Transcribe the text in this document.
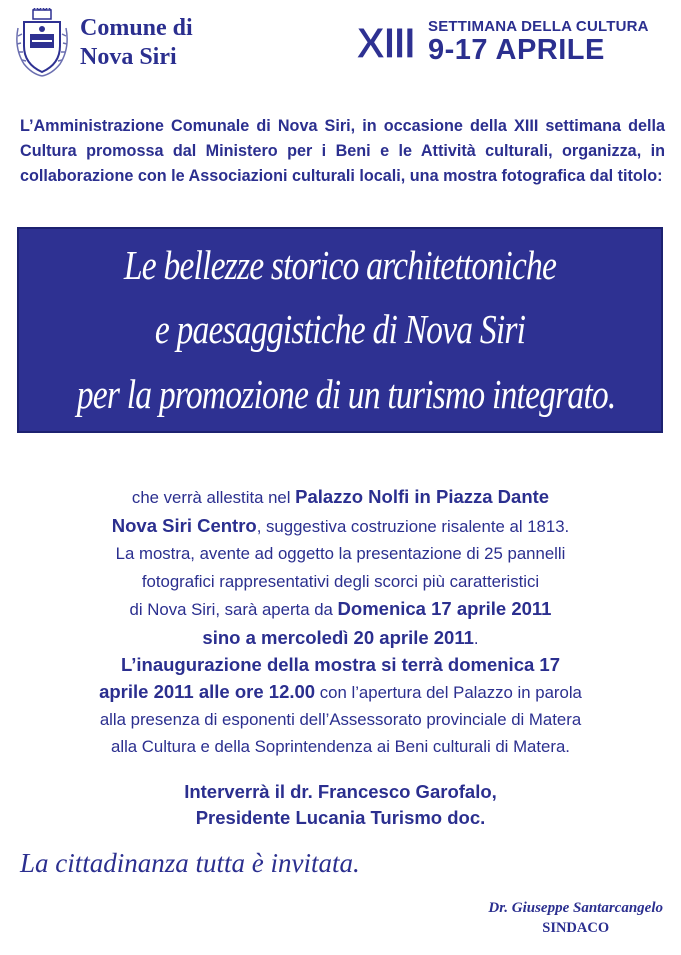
Comune di
Nova Siri	XIII SETTIMANA DELLA CULTURA
9-17 APRILE
L’Amministrazione Comunale di Nova Siri, in occasione della XIII settimana della Cultura promossa dal Ministero per i Beni e le Attività culturali, organizza, in collaborazione con le Associazioni culturali locali, una mostra fotografica dal titolo:
Le bellezze storico architettoniche
e paesaggistiche di Nova Siri
per la promozione di un turismo integrato.
che verrà allestita nel Palazzo Nolfi in Piazza Dante
Nova Siri Centro, suggestiva costruzione risalente al 1813.
La mostra, avente ad oggetto la presentazione di 25 pannelli
fotografici rappresentativi degli scorci più caratteristici
di Nova Siri, sarà aperta da Domenica 17 aprile 2011
sino a mercoledì 20 aprile 2011.
L’inaugurazione della mostra si terrà domenica 17
aprile 2011 alle ore 12.00 con l’apertura del Palazzo in parola
alla presenza di esponenti dell’Assessorato provinciale di Matera
alla Cultura e della Soprintendenza ai Beni culturali di Matera.
Interverrà il dr. Francesco Garofalo,
Presidente Lucania Turismo doc.
La cittadinanza tutta è invitata.
Dr. Giuseppe Santarcangelo
SINDACO
